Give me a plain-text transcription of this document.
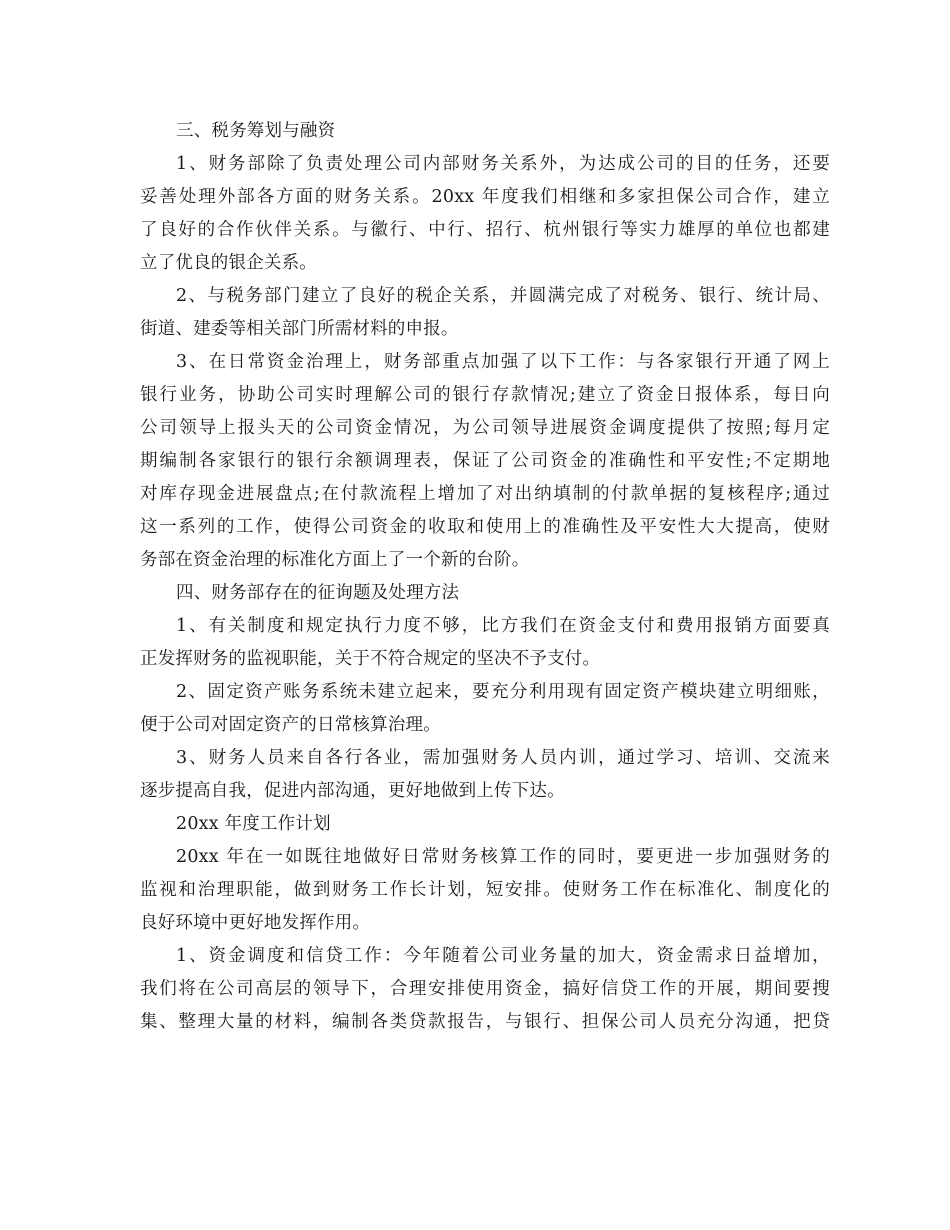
三、税务筹划与融资
1、财务部除了负责处理公司内部财务关系外，为达成公司的目的任务，还要
妥善处理外部各方面的财务关系。20xx 年度我们相继和多家担保公司合作，建立
了良好的合作伙伴关系。与徽行、中行、招行、杭州银行等实力雄厚的单位也都建
立了优良的银企关系。
2、与税务部门建立了良好的税企关系，并圆满完成了对税务、银行、统计局、
街道、建委等相关部门所需材料的申报。
3、在日常资金治理上，财务部重点加强了以下工作：与各家银行开通了网上
银行业务，协助公司实时理解公司的银行存款情况;建立了资金日报体系，每日向
公司领导上报头天的公司资金情况，为公司领导进展资金调度提供了按照;每月定
期编制各家银行的银行余额调理表，保证了公司资金的准确性和平安性;不定期地
对库存现金进展盘点;在付款流程上增加了对出纳填制的付款单据的复核程序;通过
这一系列的工作，使得公司资金的收取和使用上的准确性及平安性大大提高，使财
务部在资金治理的标准化方面上了一个新的台阶。
四、财务部存在的征询题及处理方法
1、有关制度和规定执行力度不够，比方我们在资金支付和费用报销方面要真
正发挥财务的监视职能，关于不符合规定的坚决不予支付。
2、固定资产账务系统未建立起来，要充分利用现有固定资产模块建立明细账，
便于公司对固定资产的日常核算治理。
3、财务人员来自各行各业，需加强财务人员内训，通过学习、培训、交流来
逐步提高自我，促进内部沟通，更好地做到上传下达。
20xx 年度工作计划
20xx 年在一如既往地做好日常财务核算工作的同时，要更进一步加强财务的
监视和治理职能，做到财务工作长计划，短安排。使财务工作在标准化、制度化的
良好环境中更好地发挥作用。
1、资金调度和信贷工作：今年随着公司业务量的加大，资金需求日益增加，
我们将在公司高层的领导下，合理安排使用资金，搞好信贷工作的开展，期间要搜
集、整理大量的材料，编制各类贷款报告，与银行、担保公司人员充分沟通，把贷
